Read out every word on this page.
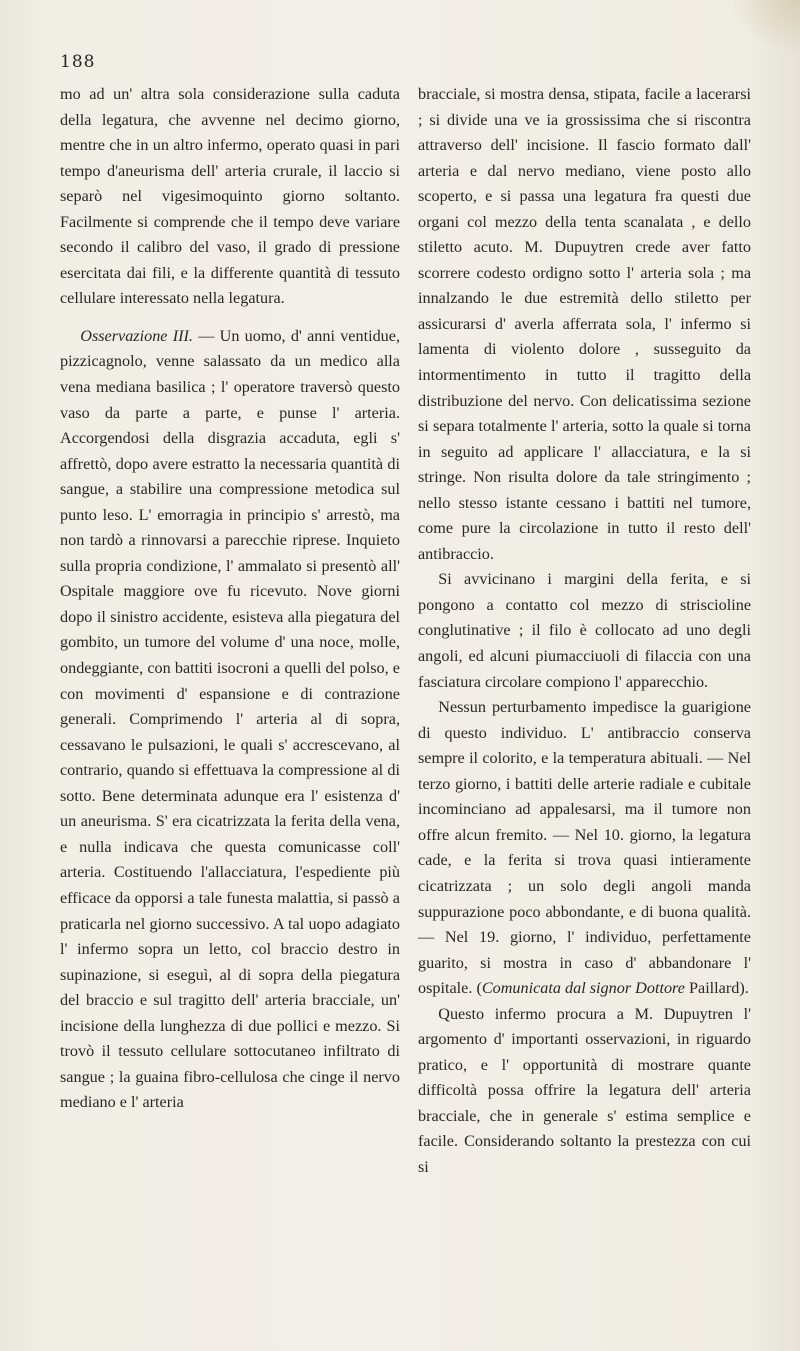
188

mo ad un' altra sola considerazione sulla caduta della legatura, che avvenne nel decimo giorno, mentre che in un altro infermo, operato quasi in pari tempo d'aneurisma dell' arteria crurale, il laccio si separò nel vigesimoquinto giorno soltanto. Facilmente si comprende che il tempo deve variare secondo il calibro del vaso, il grado di pressione esercitata dai fili, e la differente quantità di tessuto cellulare interessato nella legatura.

Osservazione III. — Un uomo, d' anni ventidue, pizzicagnolo, venne salassato da un medico alla vena mediana basilica ; l' operatore traversò questo vaso da parte a parte, e punse l' arteria. Accorgendosi della disgrazia accaduta, egli s' affrettò, dopo avere estratto la necessaria quantità di sangue, a stabilire una compressione metodica sul punto leso. L' emorragia in principio s' arrestò, ma non tardò a rinnovarsi a parecchie riprese. Inquieto sulla propria condizione, l' ammalato si presentò all' Ospitale maggiore ove fu ricevuto. Nove giorni dopo il sinistro accidente, esisteva alla piegatura del gombito, un tumore del volume d' una noce, molle, ondeggiante, con battiti isocroni a quelli del polso, e con movimenti d' espansione e di contrazione generali. Comprimendo l' arteria al di sopra, cessavano le pulsazioni, le quali s' accrescevano, al contrario, quando si effettuava la compressione al di sotto. Bene determinata adunque era l' esistenza d' un aneurisma. S' era cicatrizzata la ferita della vena, e nulla indicava che questa comunicasse coll' arteria. Costituendo l'allacciatura, l'espediente più efficace da opporsi a tale funesta malattia, si passò a praticarla nel giorno successivo. A tal uopo adagiato l' infermo sopra un letto, col braccio destro in supinazione, si eseguì, al di sopra della piegatura del braccio e sul tragitto dell' arteria bracciale, un' incisione della lunghezza di due pollici e mezzo. Si trovò il tessuto cellulare sottocutaneo infiltrato di sangue ; la guaina fibro-cellulosa che cinge il nervo mediano e l' arteria

bracciale, si mostra densa, stipata, facile a lacerarsi ; si divide una ve ia grossissima che si riscontra attraverso dell' incisione. Il fascio formato dall' arteria e dal nervo mediano, viene posto allo scoperto, e si passa una legatura fra questi due organi col mezzo della tenta scanalata , e dello stiletto acuto. M. Dupuytren crede aver fatto scorrere codesto ordigno sotto l' arteria sola ; ma innalzando le due estremità dello stiletto per assicurarsi d' averla afferrata sola, l' infermo si lamenta di violento dolore , susseguito da intormentimento in tutto il tragitto della distribuzione del nervo. Con delicatissima sezione si separa totalmente l' arteria, sotto la quale si torna in seguito ad applicare l' allacciatura, e la si stringe. Non risulta dolore da tale stringimento ; nello stesso istante cessano i battiti nel tumore, come pure la circolazione in tutto il resto dell' antibraccio.

Si avvicinano i margini della ferita, e si pongono a contatto col mezzo di striscioline conglutinative ; il filo è collocato ad uno degli angoli, ed alcuni piumacciuoli di filaccia con una fasciatura circolare compiono l' apparecchio.

Nessun perturbamento impedisce la guarigione di questo individuo. L' antibraccio conserva sempre il colorito, e la temperatura abituali. — Nel terzo giorno, i battiti delle arterie radiale e cubitale incominciano ad appalesarsi, ma il tumore non offre alcun fremito. — Nel 10. giorno, la legatura cade, e la ferita si trova quasi intieramente cicatrizzata ; un solo degli angoli manda suppurazione poco abbondante, e di buona qualità. — Nel 19. giorno, l' individuo, perfettamente guarito, si mostra in caso d' abbandonare l' ospitale. (Comunicata dal signor Dottore Paillard).

Questo infermo procura a M. Dupuytren l' argomento d' importanti osservazioni, in riguardo pratico, e l' opportunità di mostrare quante difficoltà possa offrire la legatura dell' arteria bracciale, che in generale s' estima semplice e facile. Considerando soltanto la prestezza con cui si
